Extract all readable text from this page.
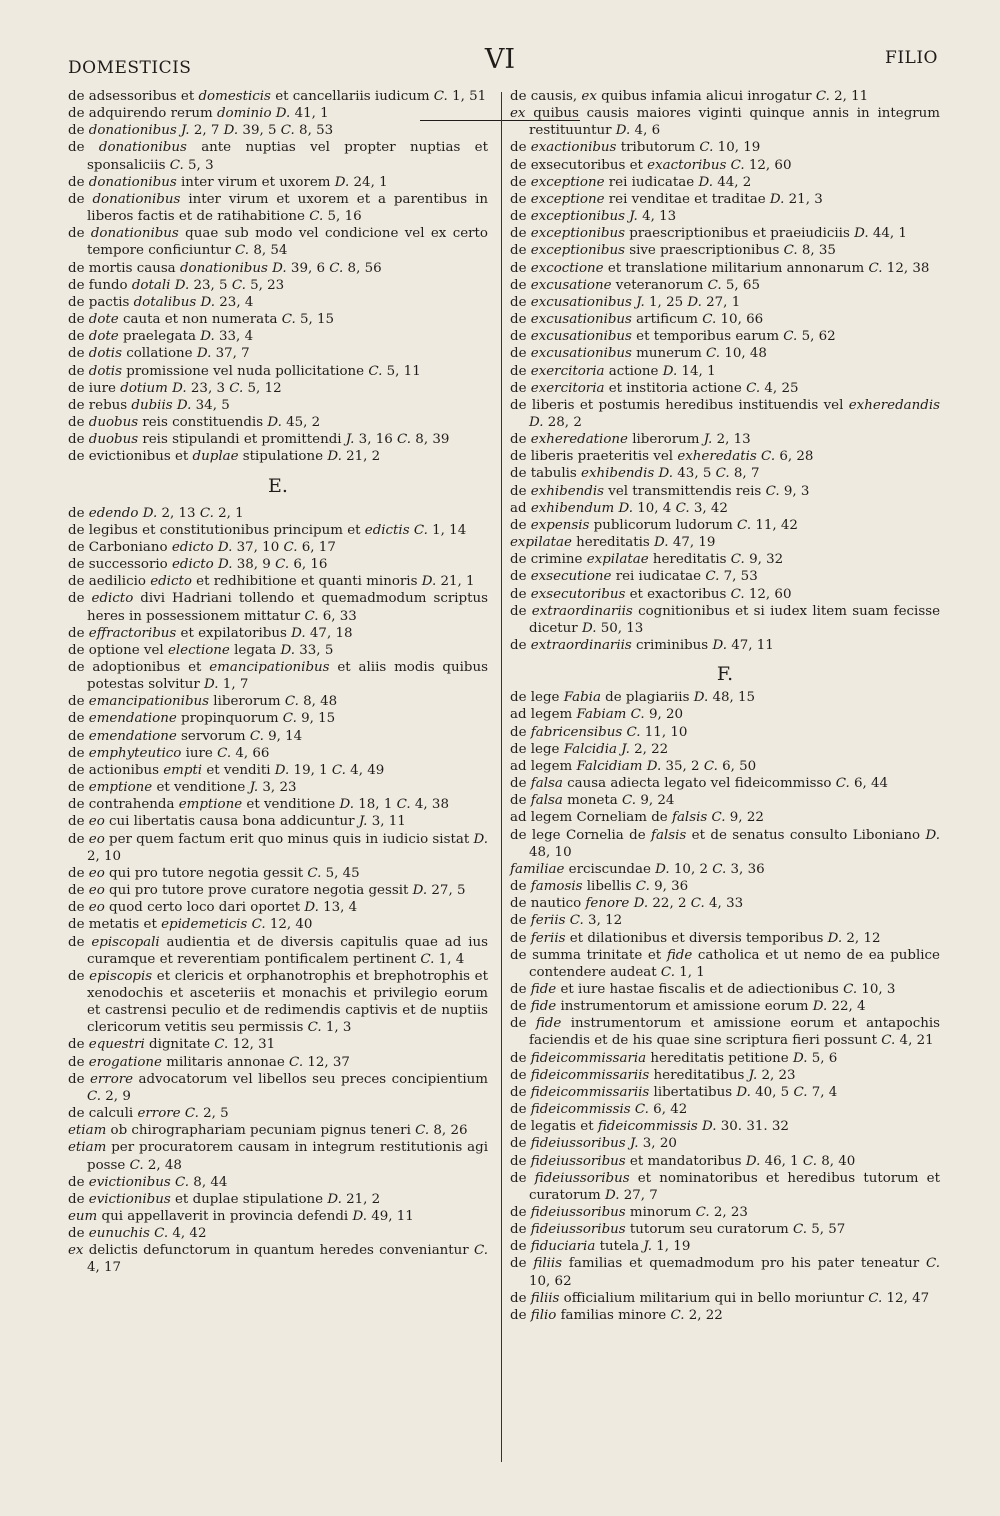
DOMESTICIS	VI	FILIO
de adsessoribus et domesticis et cancellariis iudicum C. 1, 51
de adquirendo rerum dominio D. 41, 1
de donationibus J. 2, 7 D. 39, 5 C. 8, 53
de donationibus ante nuptias vel propter nuptias et sponsaliciis C. 5, 3
de donationibus inter virum et uxorem D. 24, 1
de donationibus inter virum et uxorem et a parentibus in liberos factis et de ratihabitione C. 5, 16
de donationibus quae sub modo vel condicione vel ex certo tempore conficiuntur C. 8, 54
de mortis causa donationibus D. 39, 6 C. 8, 56
de fundo dotali D. 23, 5 C. 5, 23
de pactis dotalibus D. 23, 4
de dote cauta et non numerata C. 5, 15
de dote praelegata D. 33, 4
de dotis collatione D. 37, 7
de dotis promissione vel nuda pollicitatione C. 5, 11
de iure dotium D. 23, 3 C. 5, 12
de rebus dubiis D. 34, 5
de duobus reis constituendis D. 45, 2
de duobus reis stipulandi et promittendi J. 3, 16 C. 8, 39
de evictionibus et duplae stipulatione D. 21, 2
E.
de edendo D. 2, 13 C. 2, 1
de legibus et constitutionibus principum et edictis C. 1, 14
de Carboniano edicto D. 37, 10 C. 6, 17
de successorio edicto D. 38, 9 C. 6, 16
de aedilicio edicto et redhibitione et quanti minoris D. 21, 1
de edicto divi Hadriani tollendo et quemadmodum scriptus heres in possessionem mittatur C. 6, 33
de effractoribus et expilatoribus D. 47, 18
de optione vel electione legata D. 33, 5
de adoptionibus et emancipationibus et aliis modis quibus potestas solvitur D. 1, 7
de emancipationibus liberorum C. 8, 48
de emendatione propinquorum C. 9, 15
de emendatione servorum C. 9, 14
de emphyteutico iure C. 4, 66
de actionibus empti et venditi D. 19, 1 C. 4, 49
de emptione et venditione J. 3, 23
de contrahenda emptione et venditione D. 18, 1 C. 4, 38
de eo cui libertatis causa bona addicuntur J. 3, 11
de eo per quem factum erit quo minus quis in iudicio sistat D. 2, 10
de eo qui pro tutore negotia gessit C. 5, 45
de eo qui pro tutore prove curatore negotia gessit D. 27, 5
de eo quod certo loco dari oportet D. 13, 4
de metatis et epidemeticis C. 12, 40
de episcopali audientia et de diversis capitulis quae ad ius curamque et reverentiam pontificalem pertinent C. 1, 4
de episcopis et clericis et orphanotrophis et brephotrophis et xenodochis et asceteriis et monachis et privilegio eorum et castrensi peculio et de redimendis captivis et de nuptiis clericorum vetitis seu permissis C. 1, 3
de equestri dignitate C. 12, 31
de erogatione militaris annonae C. 12, 37
de errore advocatorum vel libellos seu preces concipientium C. 2, 9
de calculi errore C. 2, 5
etiam ob chirographariam pecuniam pignus teneri C. 8, 26
etiam per procuratorem causam in integrum restitutionis agi posse C. 2, 48
de evictionibus C. 8, 44
de evictionibus et duplae stipulatione D. 21, 2
eum qui appellaverit in provincia defendi D. 49, 11
de eunuchis C. 4, 42
ex delictis defunctorum in quantum heredes conveniantur C. 4, 17
de causis, ex quibus infamia alicui inrogatur C. 2, 11
ex quibus causis maiores viginti quinque annis in integrum restituuntur D. 4, 6
de exactionibus tributorum C. 10, 19
de exsecutoribus et exactoribus C. 12, 60
de exceptione rei iudicatae D. 44, 2
de exceptione rei venditae et traditae D. 21, 3
de exceptionibus J. 4, 13
de exceptionibus praescriptionibus et praeiudiciis D. 44, 1
de exceptionibus sive praescriptionibus C. 8, 35
de excoctione et translatione militarium annonarum C. 12, 38
de excusatione veteranorum C. 5, 65
de excusationibus J. 1, 25 D. 27, 1
de excusationibus artificum C. 10, 66
de excusationibus et temporibus earum C. 5, 62
de excusationibus munerum C. 10, 48
de exercitoria actione D. 14, 1
de exercitoria et institoria actione C. 4, 25
de liberis et postumis heredibus instituendis vel exheredandis D. 28, 2
de exheredatione liberorum J. 2, 13
de liberis praeteritis vel exheredatis C. 6, 28
de tabulis exhibendis D. 43, 5 C. 8, 7
de exhibendis vel transmittendis reis C. 9, 3
ad exhibendum D. 10, 4 C. 3, 42
de expensis publicorum ludorum C. 11, 42
expilatae hereditatis D. 47, 19
de crimine expilatae hereditatis C. 9, 32
de exsecutione rei iudicatae C. 7, 53
de exsecutoribus et exactoribus C. 12, 60
de extraordinariis cognitionibus et si iudex litem suam fecisse dicetur D. 50, 13
de extraordinariis criminibus D. 47, 11
F.
de lege Fabia de plagiariis D. 48, 15
ad legem Fabiam C. 9, 20
de fabricensibus C. 11, 10
de lege Falcidia J. 2, 22
ad legem Falcidiam D. 35, 2 C. 6, 50
de falsa causa adiecta legato vel fideicommisso C. 6, 44
de falsa moneta C. 9, 24
ad legem Corneliam de falsis C. 9, 22
de lege Cornelia de falsis et de senatus consulto Liboniano D. 48, 10
familiae erciscundae D. 10, 2 C. 3, 36
de famosis libellis C. 9, 36
de nautico fenore D. 22, 2 C. 4, 33
de feriis C. 3, 12
de feriis et dilationibus et diversis temporibus D. 2, 12
de summa trinitate et fide catholica et ut nemo de ea publice contendere audeat C. 1, 1
de fide et iure hastae fiscalis et de adiectionibus C. 10, 3
de fide instrumentorum et amissione eorum D. 22, 4
de fide instrumentorum et amissione eorum et antapochis faciendis et de his quae sine scriptura fieri possunt C. 4, 21
de fideicommissaria hereditatis petitione D. 5, 6
de fideicommissariis hereditatibus J. 2, 23
de fideicommissariis libertatibus D. 40, 5 C. 7, 4
de fideicommissis C. 6, 42
de legatis et fideicommissis D. 30. 31. 32
de fideiussoribus J. 3, 20
de fideiussoribus et mandatoribus D. 46, 1 C. 8, 40
de fideiussoribus et nominatoribus et heredibus tutorum et curatorum D. 27, 7
de fideiussoribus minorum C. 2, 23
de fideiussoribus tutorum seu curatorum C. 5, 57
de fiduciaria tutela J. 1, 19
de filiis familias et quemadmodum pro his pater teneatur C. 10, 62
de filiis officialium militarium qui in bello moriuntur C. 12, 47
de filio familias minore C. 2, 22
